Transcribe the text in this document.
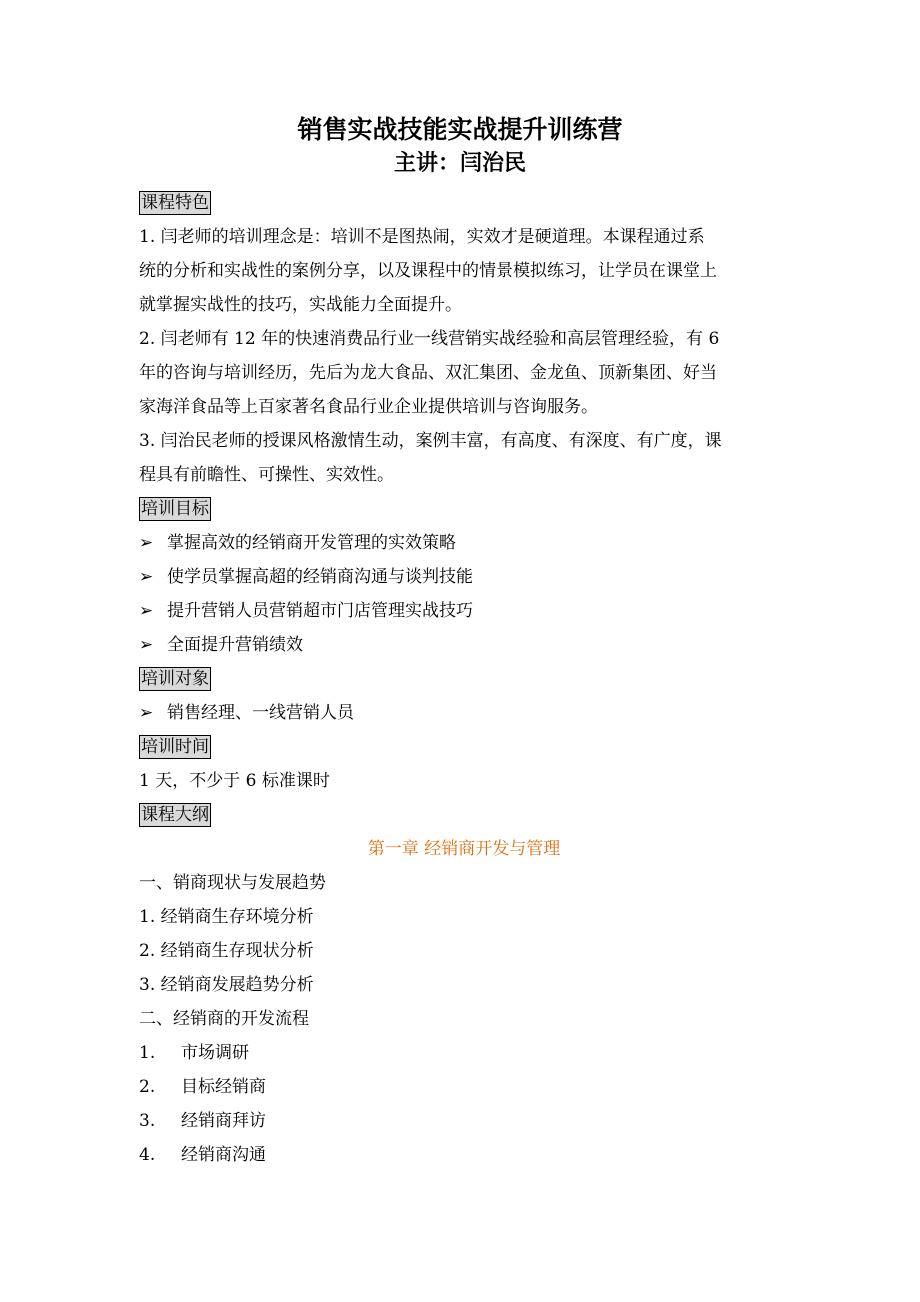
销售实战技能实战提升训练营
主讲：闫治民
课程特色

1. 闫老师的培训理念是：培训不是图热闹，实效才是硬道理。本课程通过系

统的分析和实战性的案例分享，以及课程中的情景模拟练习，让学员在课堂上

就掌握实战性的技巧，实战能力全面提升。

2. 闫老师有 12 年的快速消费品行业一线营销实战经验和高层管理经验，有 6

年的咨询与培训经历，先后为龙大食品、双汇集团、金龙鱼、顶新集团、好当

家海洋食品等上百家著名食品行业企业提供培训与咨询服务。

3. 闫治民老师的授课风格激情生动，案例丰富，有高度、有深度、有广度，课

程具有前瞻性、可操性、实效性。

培训目标
➢ 掌握高效的经销商开发管理的实效策略
➢ 使学员掌握高超的经销商沟通与谈判技能
➢ 提升营销人员营销超市门店管理实战技巧
➢ 全面提升营销绩效
培训对象
➢ 销售经理、一线营销人员
培训时间

1 天，不少于 6 标准课时

课程大纲

第一章 经销商开发与管理

一、销商现状与发展趋势

1. 经销商生存环境分析

2. 经销商生存现状分析

3. 经销商发展趋势分析

二、经销商的开发流程

1.	市场调研
2.	目标经销商
3.	经销商拜访
4.	经销商沟通
